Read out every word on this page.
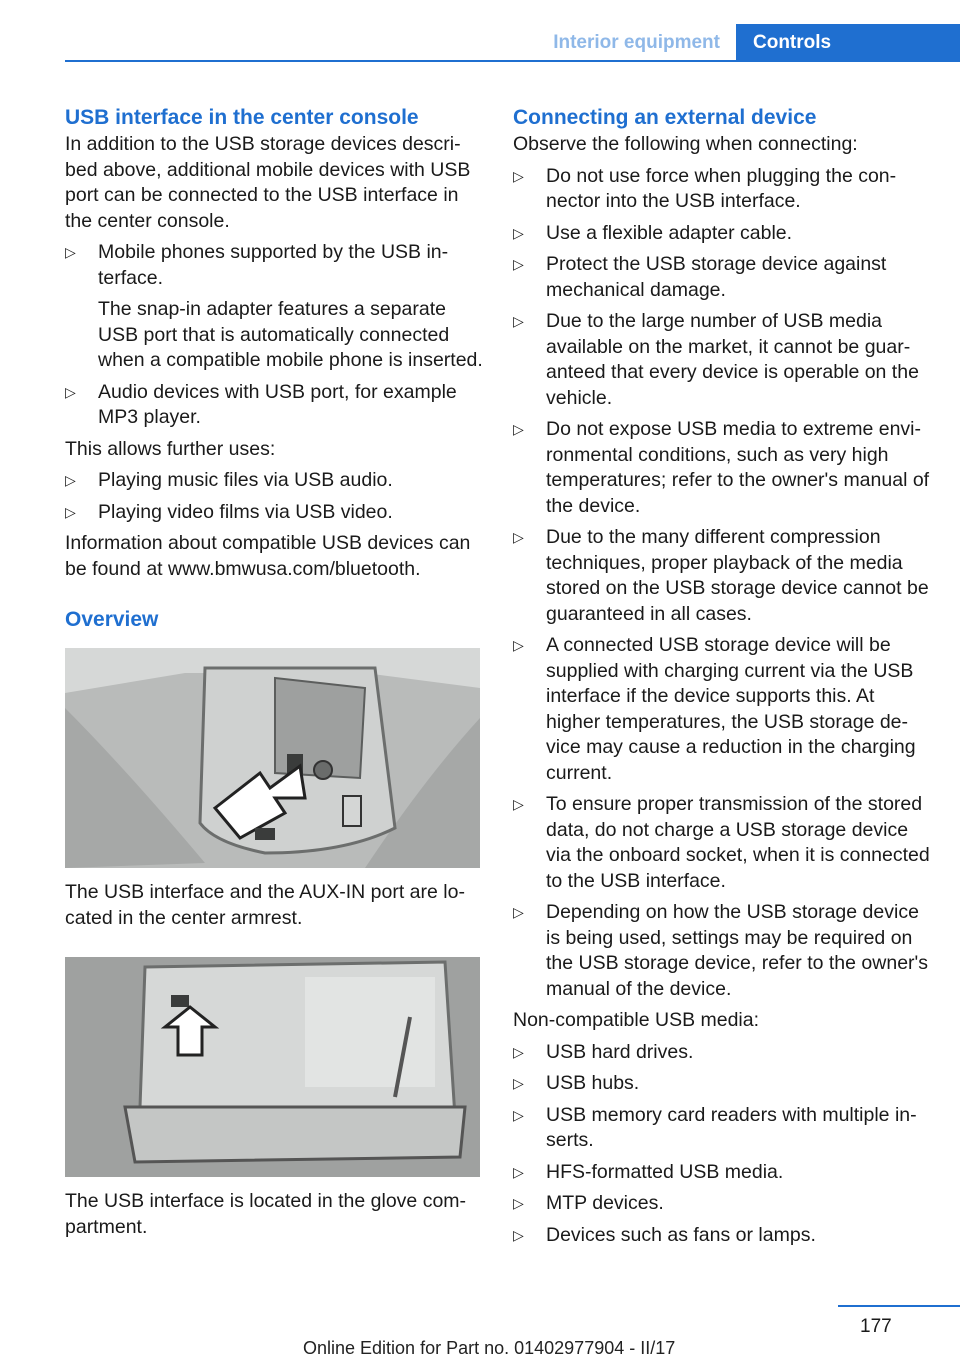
Interior equipment	Controls
USB interface in the center console

In addition to the USB storage devices described above, additional mobile devices with USB port can be connected to the USB interface in the center console.

▷ Mobile phones supported by the USB interface.

The snap-in adapter features a separate USB port that is automatically connected when a compatible mobile phone is inserted.

▷ Audio devices with USB port, for example MP3 player.

This allows further uses:

▷ Playing music files via USB audio.
▷ Playing video films via USB video.

Information about compatible USB devices can be found at www.bmwusa.com/bluetooth.

Overview

The USB interface and the AUX-IN port are located in the center armrest.

The USB interface is located in the glove compartment.

Connecting an external device

Observe the following when connecting:

▷ Do not use force when plugging the connector into the USB interface.
▷ Use a flexible adapter cable.
▷ Protect the USB storage device against mechanical damage.
▷ Due to the large number of USB media available on the market, it cannot be guaranteed that every device is operable on the vehicle.
▷ Do not expose USB media to extreme environmental conditions, such as very high temperatures; refer to the owner's manual of the device.
▷ Due to the many different compression techniques, proper playback of the media stored on the USB storage device cannot be guaranteed in all cases.
▷ A connected USB storage device will be supplied with charging current via the USB interface if the device supports this. At higher temperatures, the USB storage device may cause a reduction in the charging current.
▷ To ensure proper transmission of the stored data, do not charge a USB storage device via the onboard socket, when it is connected to the USB interface.
▷ Depending on how the USB storage device is being used, settings may be required on the USB storage device, refer to the owner's manual of the device.

Non-compatible USB media:

▷ USB hard drives.
▷ USB hubs.
▷ USB memory card readers with multiple inserts.
▷ HFS-formatted USB media.
▷ MTP devices.
▷ Devices such as fans or lamps.
177
Online Edition for Part no. 01402977904 - II/17
